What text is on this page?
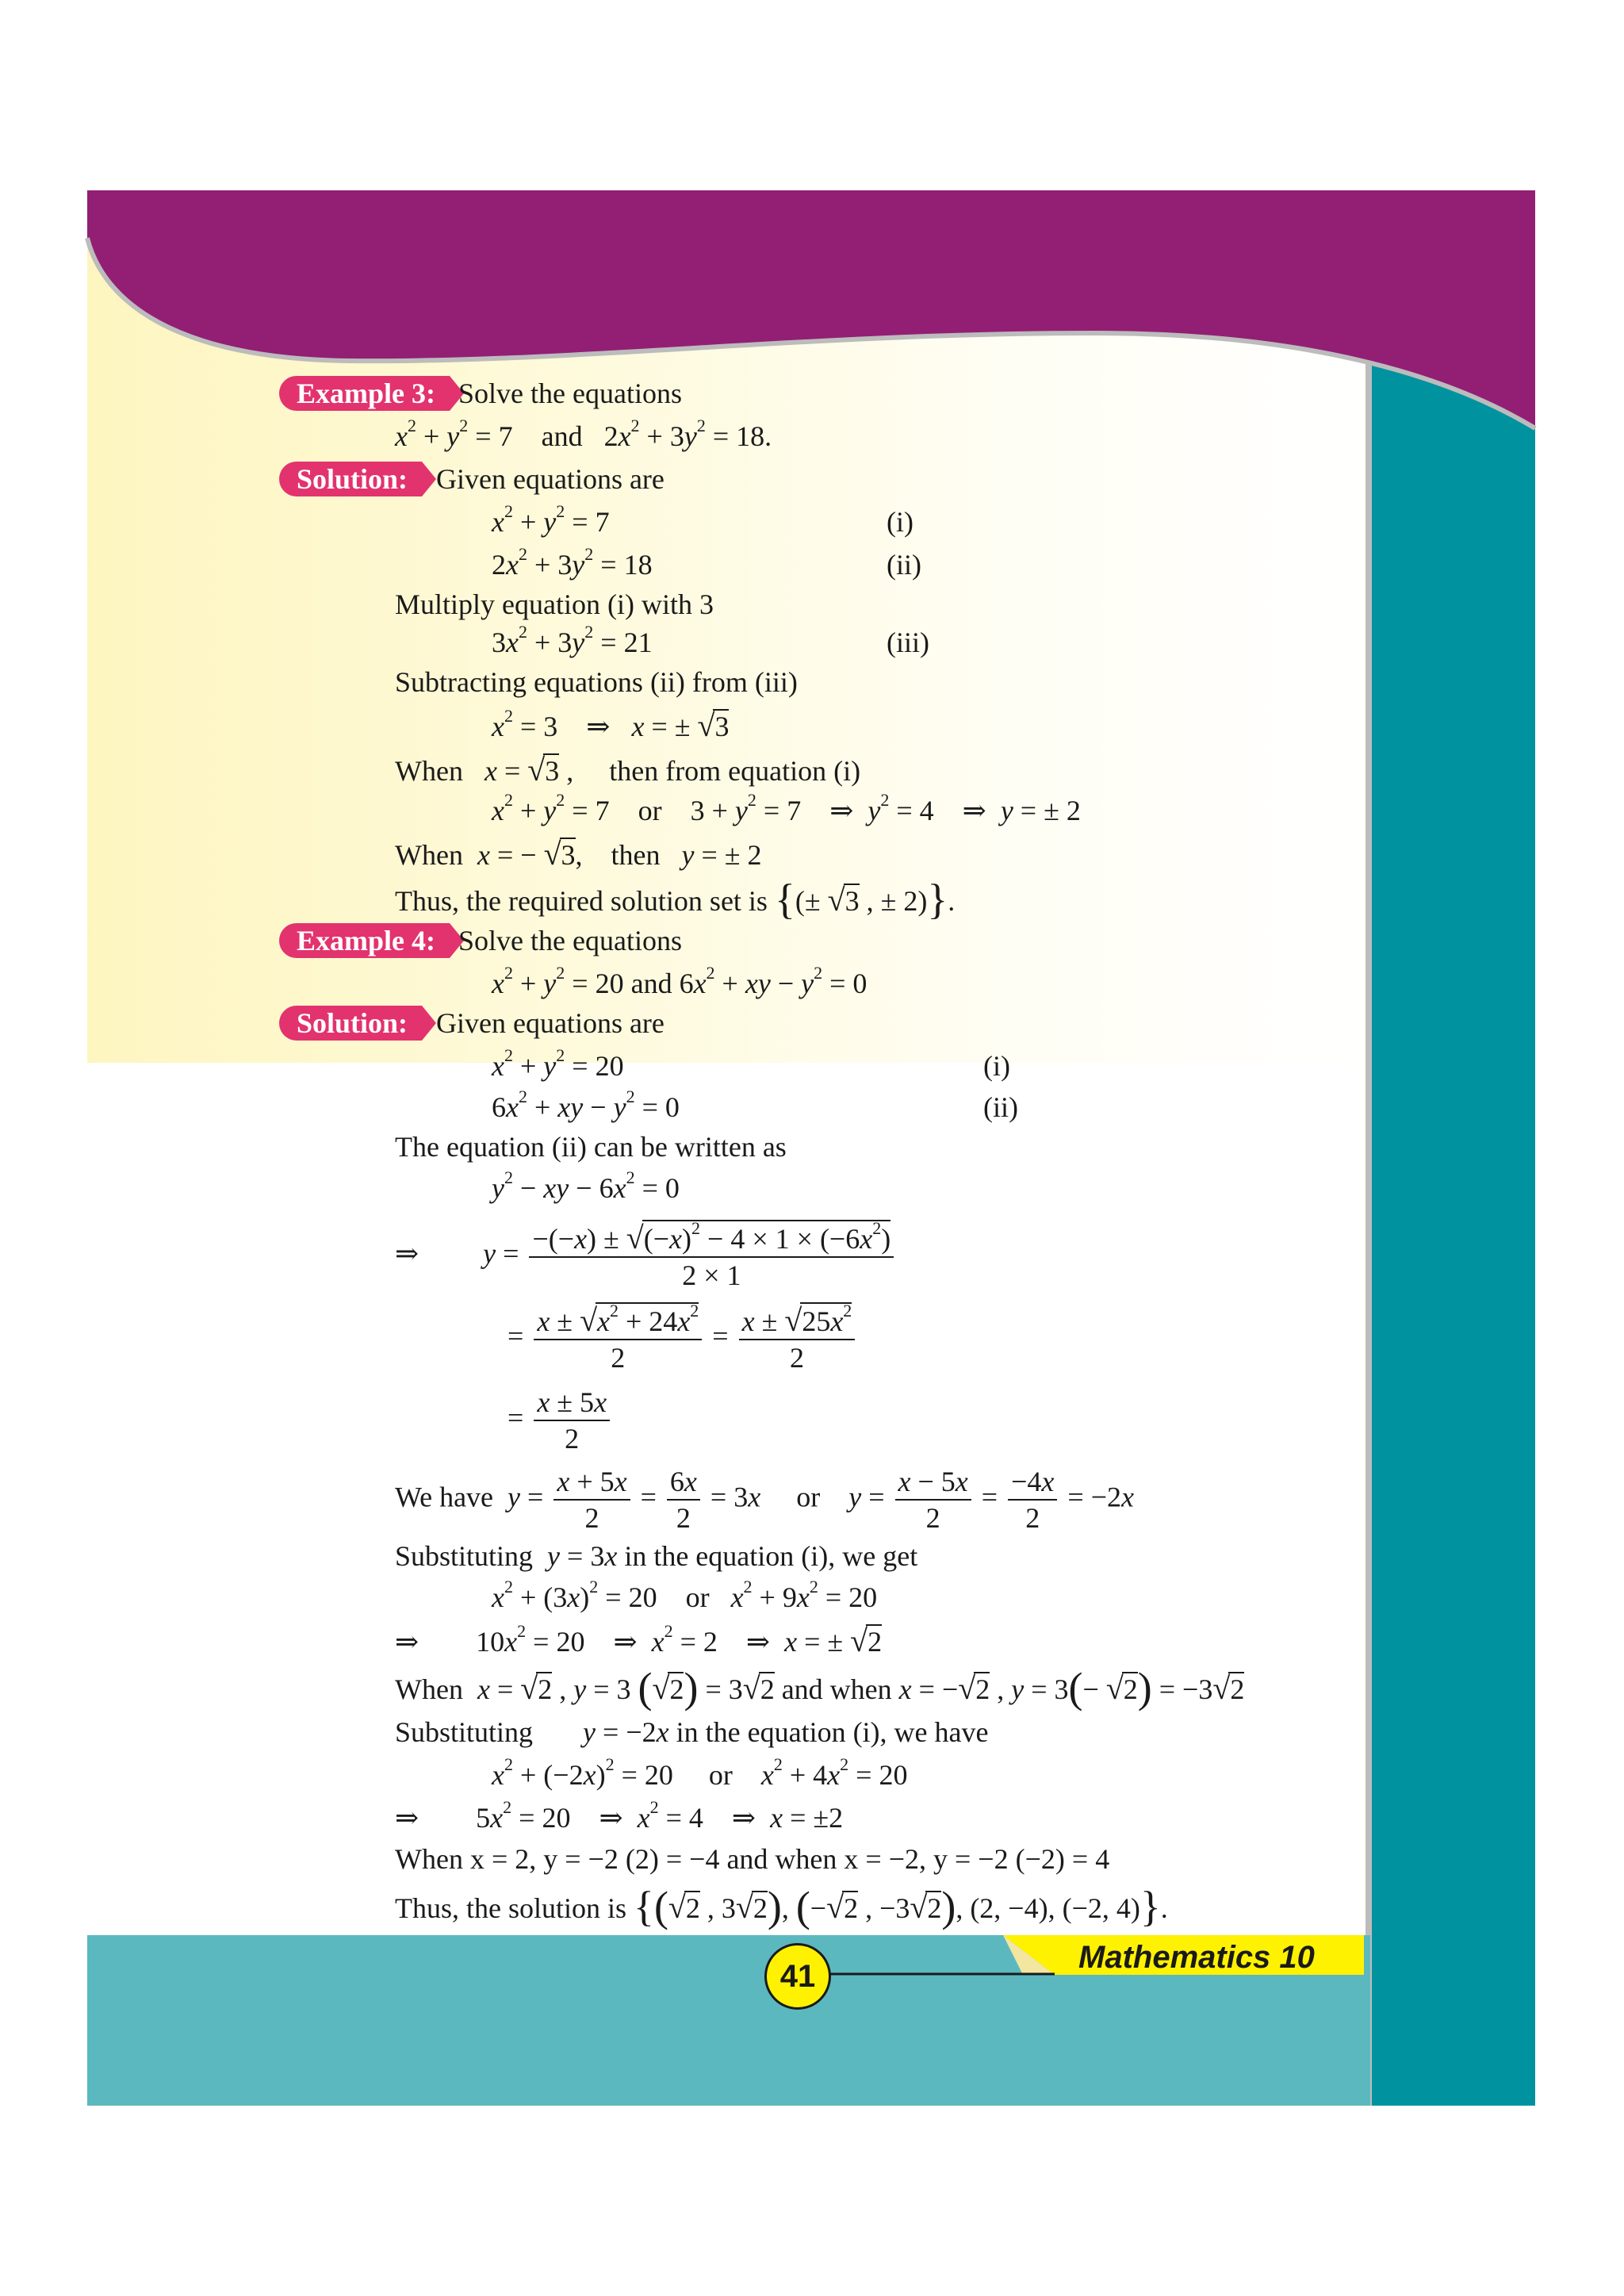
Example 3: Solve the equations
$x^2 + y^2 = 7$    and   $2x^2 + 3y^2 = 18$.
Solution: Given equations are
$x^2 + y^2 = 7$	(i)
$2x^2 + 3y^2 = 18$	(ii)
Multiply equation (i) with 3
$3x^2 + 3y^2 = 21$	(iii)
Subtracting equations (ii) from (iii)
$x^2 = 3$    ⇒   x = ± √3
When x = √3 ,     then from equation (i)
$x^2 + y^2 = 7$    or    $3 + y^2 = 7$    ⇒  $y^2 = 4$    ⇒  y = ± 2
When x = − √3,    then y = ± 2
Thus, the required solution set is {(± √3 , ± 2)}.
Example 4: Solve the equations
$x^2 + y^2 = 20$ and $6x^2$ + xy − $y^2 = 0$
Solution: Given equations are
$x^2 + y^2 = 20$	(i)
$6x^2$ + xy − $y^2 = 0$	(ii)
The equation (ii) can be written as
$y^2$ − xy − $6x^2 = 0$
⇒         $y = \frac{-(-x) \pm √(-x)^2 - 4 \times 1 \times (-6x^2)}{2 \times 1}$
= $\frac{x \pm √x^2 + 24x^2}{2} = \frac{x \pm √25x^2}{2}$
= $\frac{x \pm 5x}{2}$
We have $y = \frac{x + 5x}{2} = \frac{6x}{2} = 3x$ or $y = \frac{x - 5x}{2} = \frac{-4x}{2} = -2x$
Substituting y = 3x in the equation (i), we get
$x^2 + (3x)^2 = 20$    or   $x^2 + 9x^2 = 20$
⇒        $10x^2 = 20$    ⇒  $x^2 = 2$    ⇒  x = ± √2
When x = √2 , y = 3 (√2) = 3√2 and when x = −√2 , y = 3(− √2) = −3√2
Substituting y = −2x in the equation (i), we have
$x^2 + (-2x)^2 = 20$     or    $x^2 + 4x^2 = 20$
⇒        $5x^2 = 20$    ⇒  $x^2 = 4$    ⇒  x = ±2
When x = 2, y = −2 (2) = −4 and when x = −2, y = −2 (−2) = 4
Thus, the solution is {(√2 , 3√2), (−√2 , −3√2), (2, −4), (−2, 4)}.
41
Mathematics 10
